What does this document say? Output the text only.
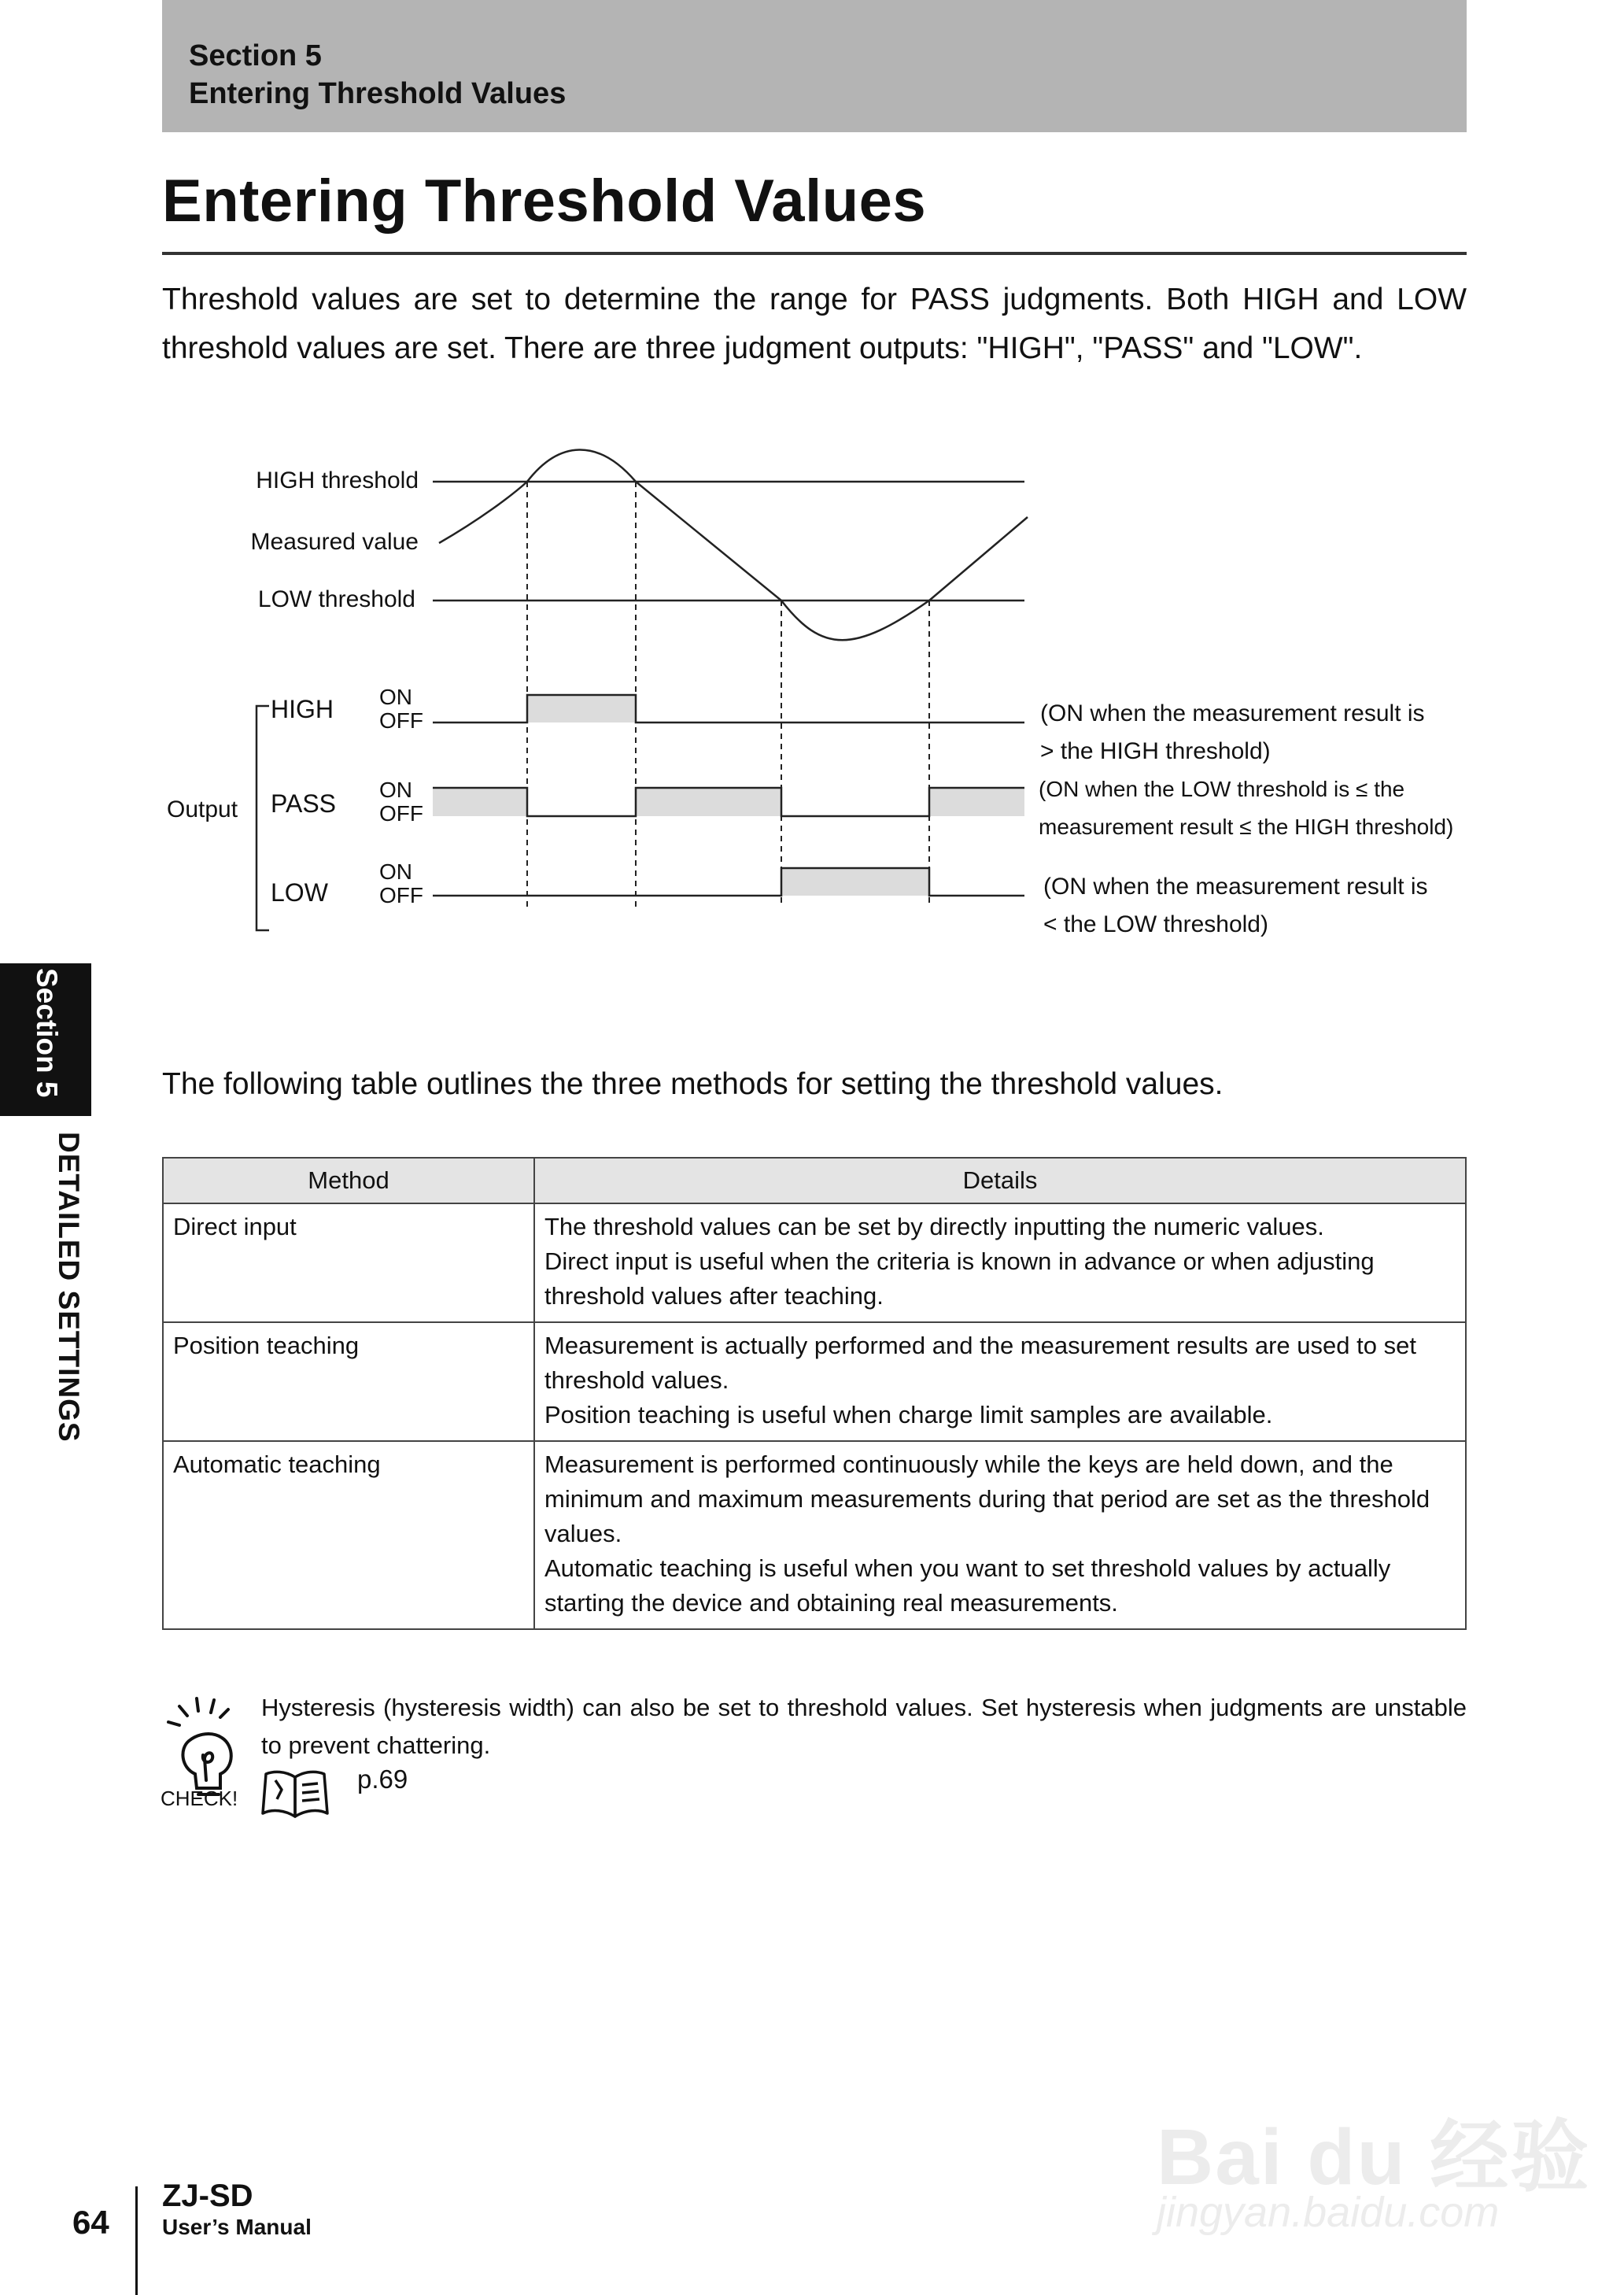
Section 5
Entering Threshold Values
Entering Threshold Values
Threshold values are set to determine the range for PASS judgments. Both HIGH and LOW threshold values are set. There are three judgment outputs: "HIGH", "PASS" and "LOW".
HIGH threshold
Measured value
LOW threshold
Output
HIGH ON
OFF	(ON when the measurement result is
> the HIGH threshold)
PASS ON
OFF
(ON when the LOW threshold is ≤ the
measurement result ≤ the HIGH threshold)
LOW
ON
OFF	(ON when the measurement result is
< the LOW threshold)
The following table outlines the three methods for setting the threshold values.
Method	Details
Direct input	The threshold values can be set by directly inputting the numeric values.
Direct input is useful when the criteria is known in advance or when adjusting threshold values after teaching.

Position teaching	Measurement is actually performed and the measurement results are used to set threshold values.
Position teaching is useful when charge limit samples are available.

Automatic teaching	Measurement is performed continuously while the keys are held down, and the minimum and maximum measurements during that period are set as the threshold values.
Automatic teaching is useful when you want to set threshold values by actually starting the device and obtaining real measurements.
CHECK!
Hysteresis (hysteresis width) can also be set to threshold values. Set hysteresis when judgments are unstable to prevent chattering.
p.69
Section 5
DETAILED SETTINGS
64
ZJ-SD
User’s Manual
Bai du 经验
jingyan.baidu.com
